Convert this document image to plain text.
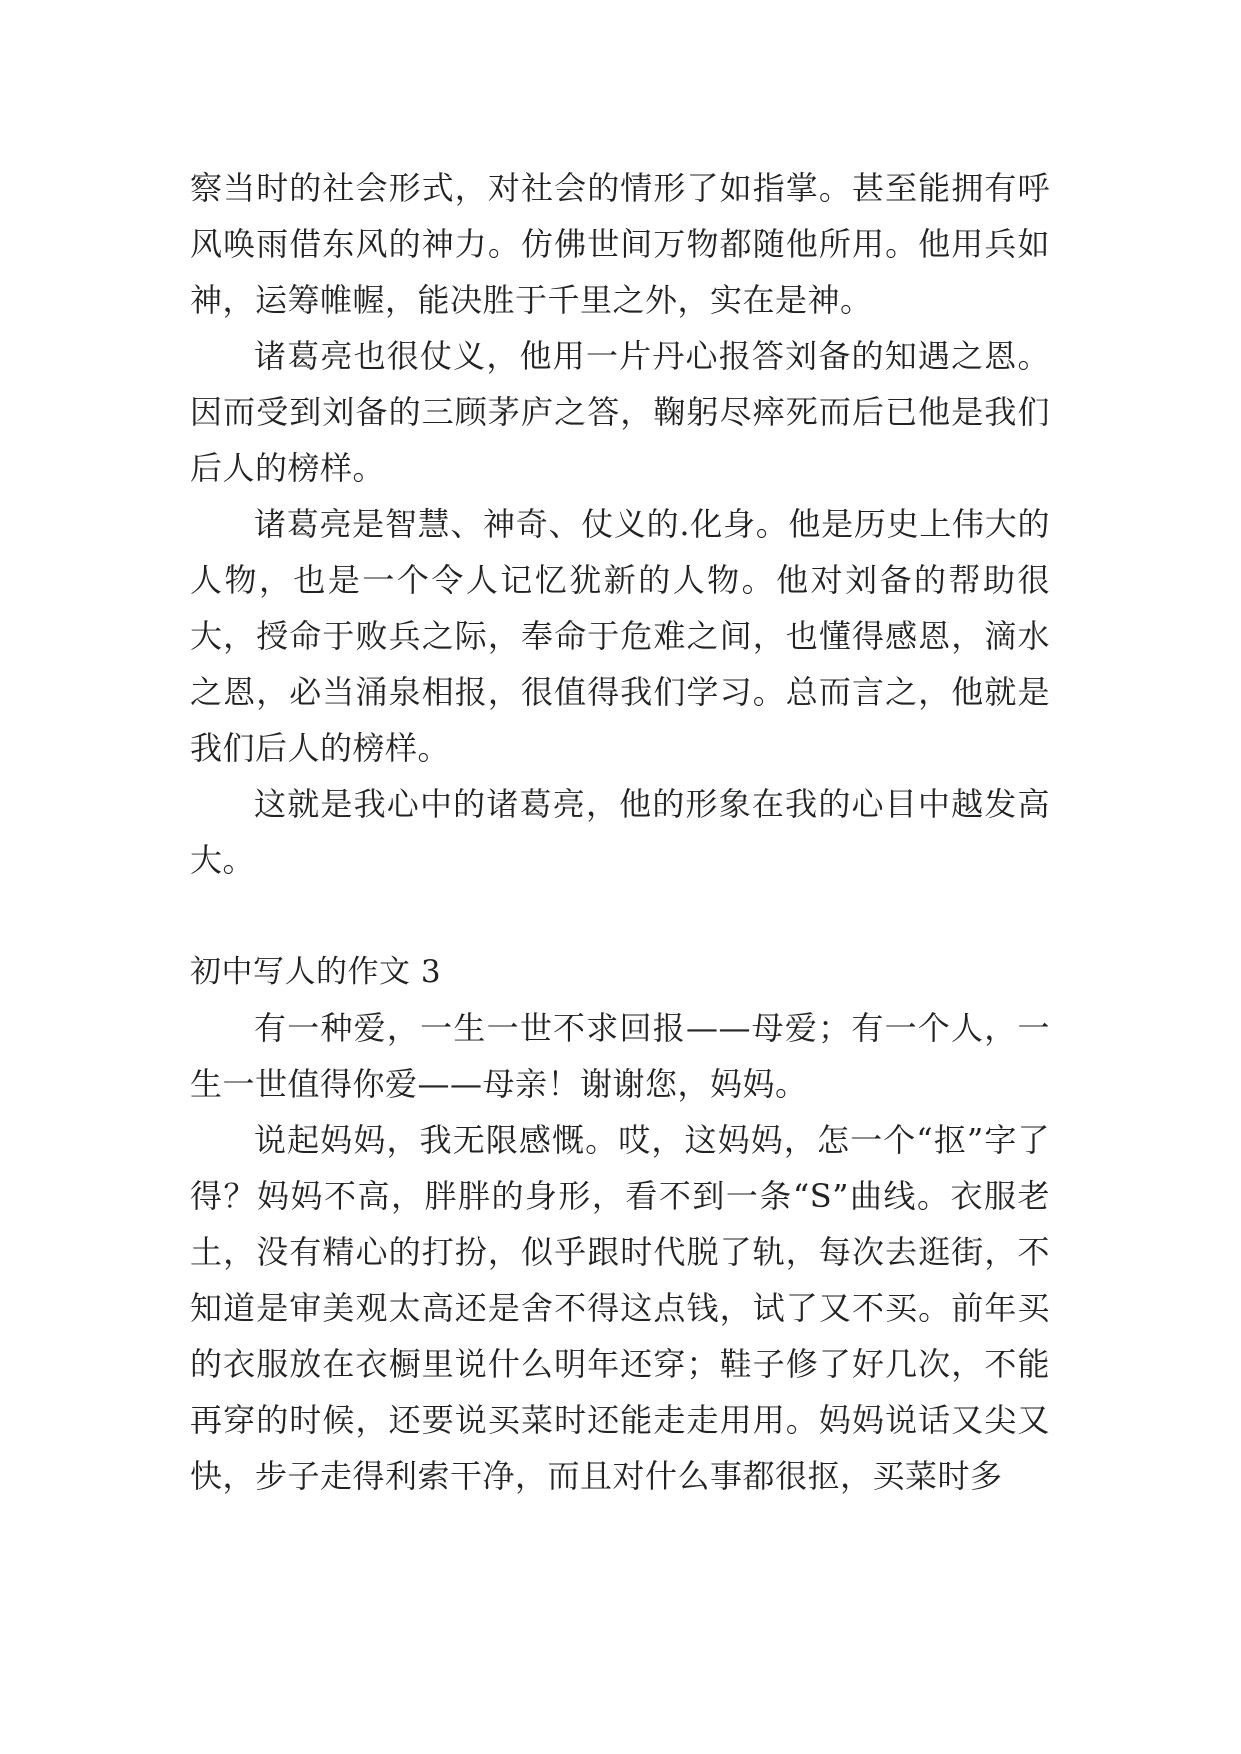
察当时的社会形式，对社会的情形了如指掌。甚至能拥有呼风唤雨借东风的神力。仿佛世间万物都随他所用。他用兵如神，运筹帷幄，能决胜于千里之外，实在是神。

诸葛亮也很仗义，他用一片丹心报答刘备的知遇之恩。因而受到刘备的三顾茅庐之答，鞠躬尽瘁死而后已他是我们后人的榜样。

诸葛亮是智慧、神奇、仗义的.化身。他是历史上伟大的人物，也是一个令人记忆犹新的人物。他对刘备的帮助很大，授命于败兵之际，奉命于危难之间，也懂得感恩，滴水之恩，必当涌泉相报，很值得我们学习。总而言之，他就是我们后人的榜样。

这就是我心中的诸葛亮，他的形象在我的心目中越发高大。

初中写人的作文 3

有一种爱，一生一世不求回报——母爱；有一个人，一生一世值得你爱——母亲！谢谢您，妈妈。

说起妈妈，我无限感慨。哎，这妈妈，怎一个“抠”字了得？妈妈不高，胖胖的身形，看不到一条“S”曲线。衣服老土，没有精心的打扮，似乎跟时代脱了轨，每次去逛街，不知道是审美观太高还是舍不得这点钱，试了又不买。前年买的衣服放在衣橱里说什么明年还穿；鞋子修了好几次，不能再穿的时候，还要说买菜时还能走走用用。妈妈说话又尖又快，步子走得利索干净，而且对什么事都很抠，买菜时多
